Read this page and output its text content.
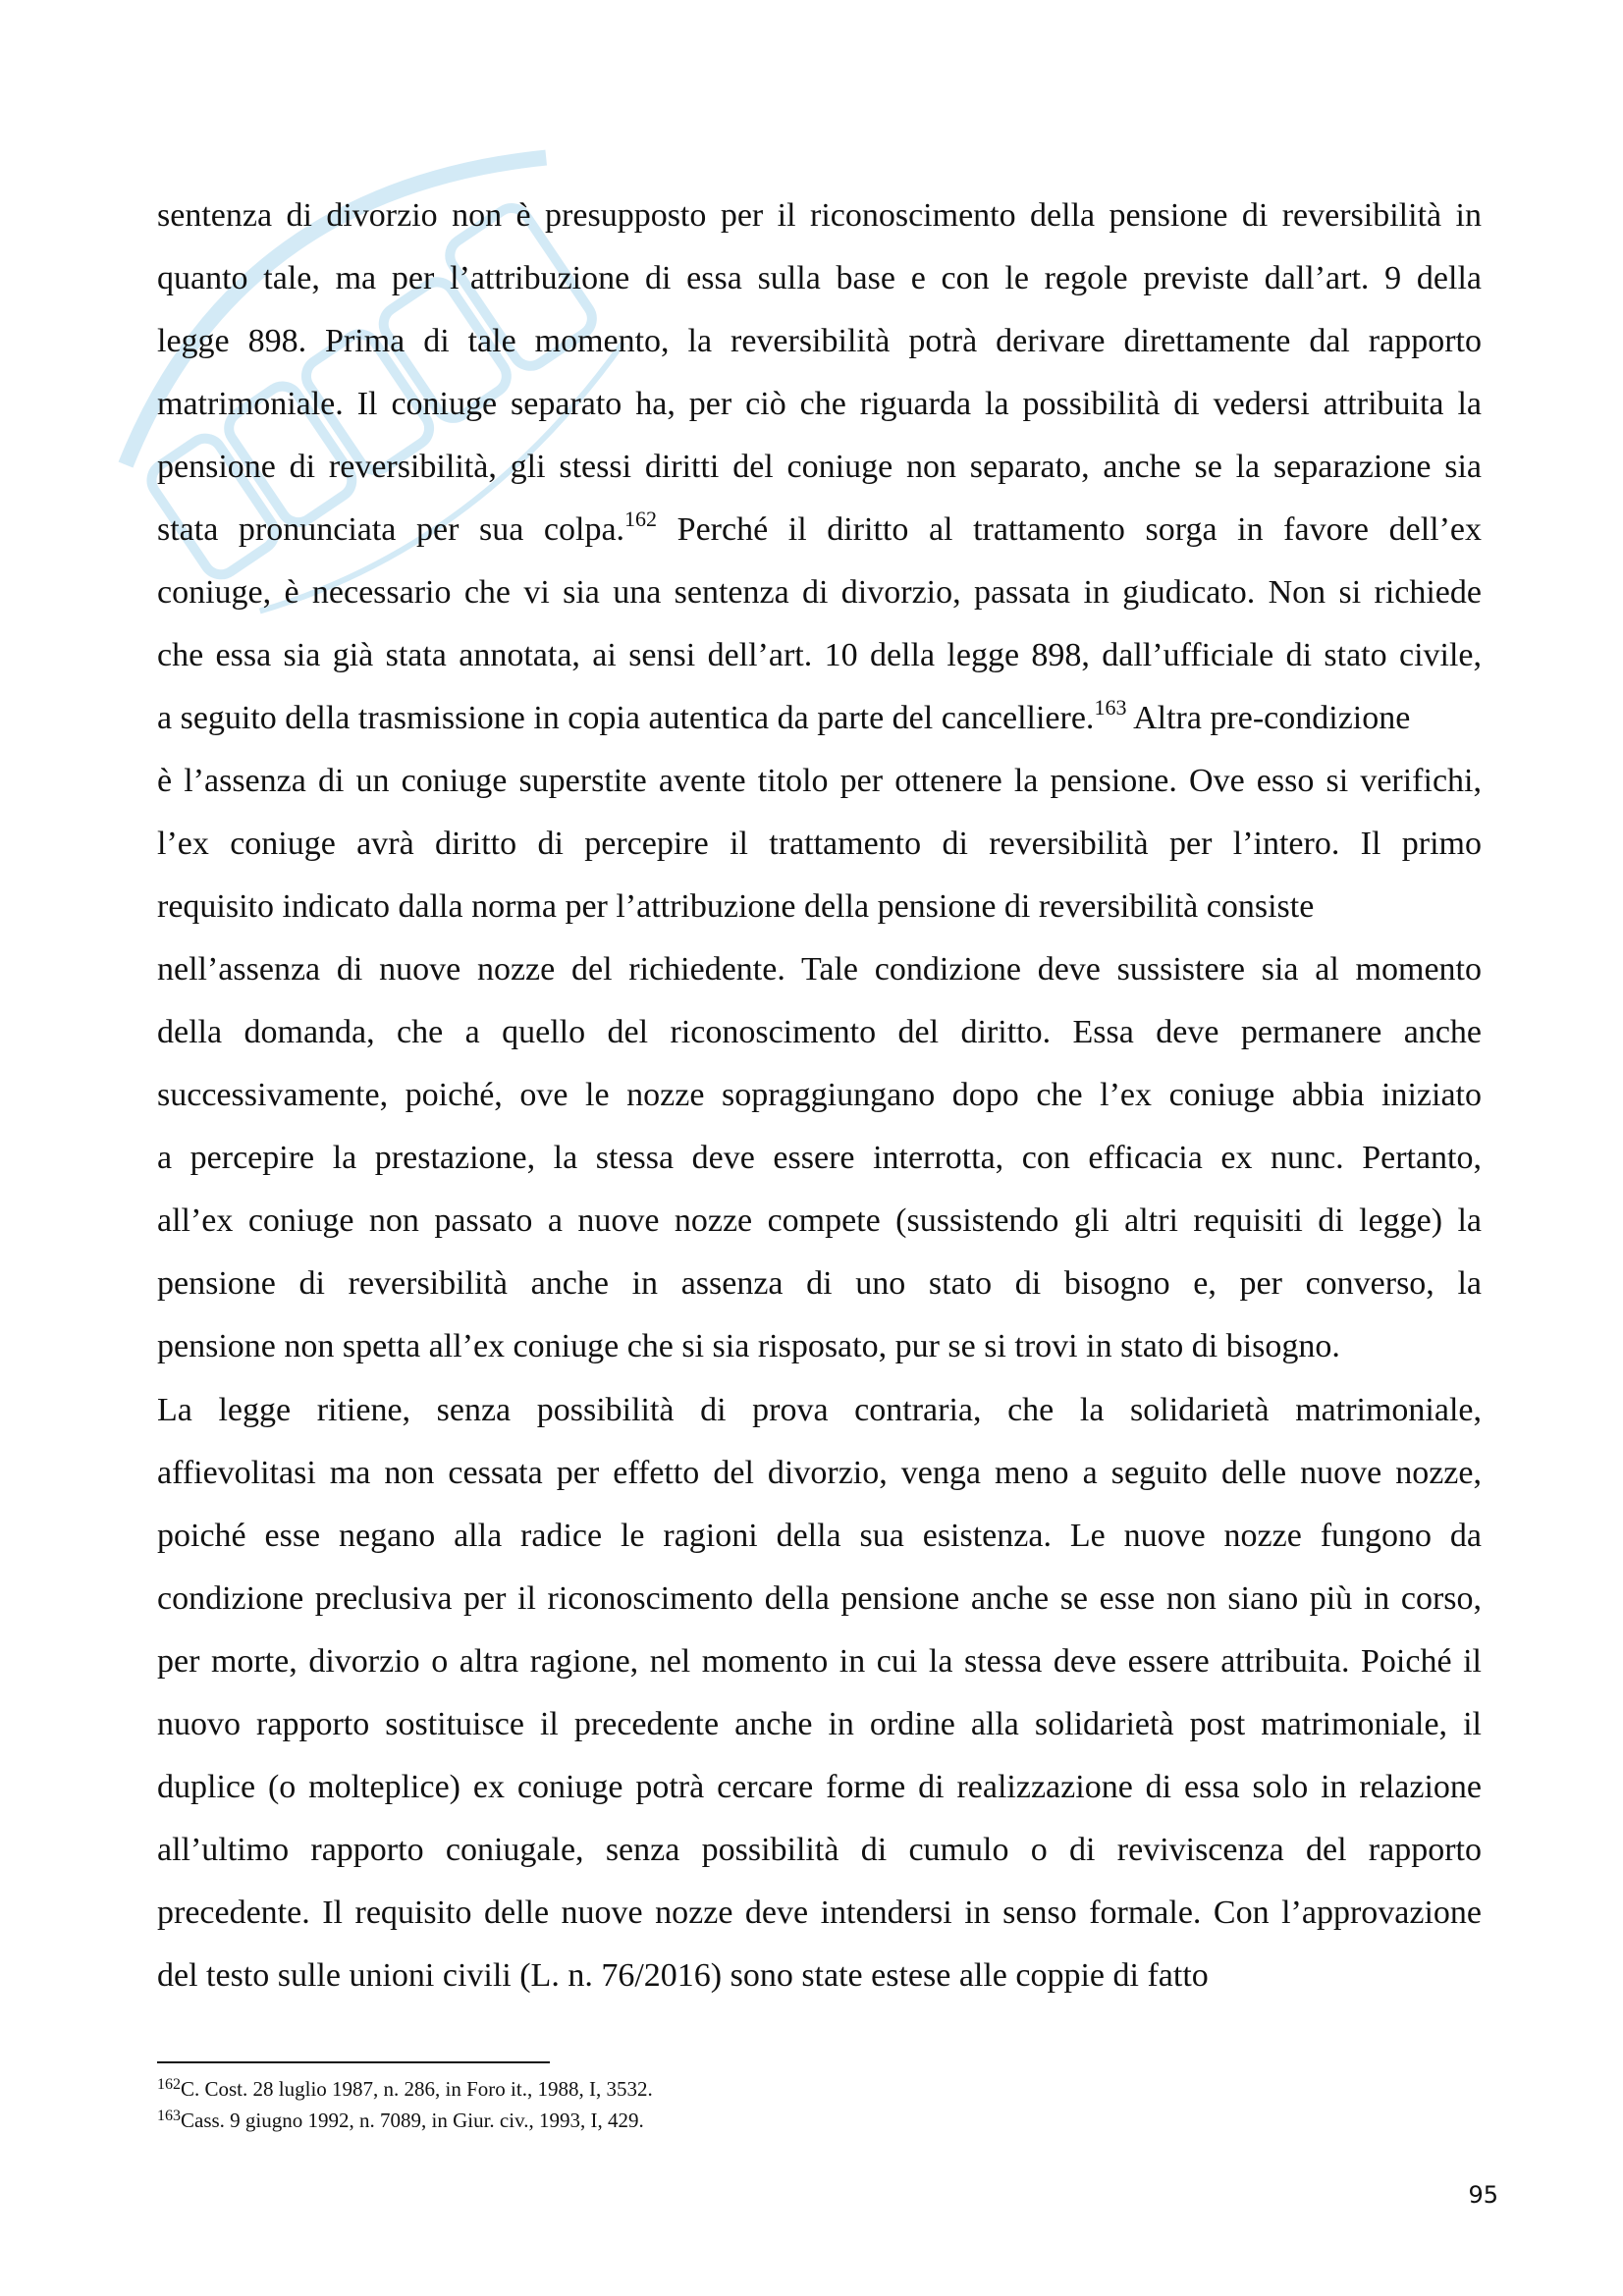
sentenza di divorzio non è presupposto per il riconoscimento della pensione di reversibilità in
quanto tale, ma per l’attribuzione di essa sulla base e con le regole previste dall’art. 9 della
legge 898. Prima di tale momento, la reversibilità potrà derivare direttamente dal rapporto
matrimoniale. Il coniuge separato ha, per ciò che riguarda la possibilità di vedersi attribuita la
pensione di reversibilità, gli stessi diritti del coniuge non separato, anche se la separazione sia
stata pronunciata per sua colpa.$^{162}$ Perché il diritto al trattamento sorga in favore dell’ex
coniuge, è necessario che vi sia una sentenza di divorzio, passata in giudicato. Non si richiede
che essa sia già stata annotata, ai sensi dell’art. 10 della legge 898, dall’ufficiale di stato civile,
a seguito della trasmissione in copia autentica da parte del cancelliere.$^{163}$ Altra pre-condizione
è l’assenza di un coniuge superstite avente titolo per ottenere la pensione. Ove esso si verifichi,
l’ex coniuge avrà diritto di percepire il trattamento di reversibilità per l’intero. Il primo
requisito indicato dalla norma per l’attribuzione della pensione di reversibilità consiste
nell’assenza di nuove nozze del richiedente. Tale condizione deve sussistere sia al momento
della domanda, che a quello del riconoscimento del diritto. Essa deve permanere anche
successivamente, poiché, ove le nozze sopraggiungano dopo che l’ex coniuge abbia iniziato
a percepire la prestazione, la stessa deve essere interrotta, con efficacia ex nunc. Pertanto,
all’ex coniuge non passato a nuove nozze compete (sussistendo gli altri requisiti di legge) la
pensione di reversibilità anche in assenza di uno stato di bisogno e, per converso, la
pensione non spetta all’ex coniuge che si sia risposato, pur se si trovi in stato di bisogno.
La legge ritiene, senza possibilità di prova contraria, che la solidarietà matrimoniale,
affievolitasi ma non cessata per effetto del divorzio, venga meno a seguito delle nuove nozze,
poiché esse negano alla radice le ragioni della sua esistenza. Le nuove nozze fungono da
condizione preclusiva per il riconoscimento della pensione anche se esse non siano più in corso,
per morte, divorzio o altra ragione, nel momento in cui la stessa deve essere attribuita. Poiché il
nuovo rapporto sostituisce il precedente anche in ordine alla solidarietà post matrimoniale, il
duplice (o molteplice) ex coniuge potrà cercare forme di realizzazione di essa solo in relazione
all’ultimo rapporto coniugale, senza possibilità di cumulo o di reviviscenza del rapporto
precedente. Il requisito delle nuove nozze deve intendersi in senso formale. Con l’approvazione
del testo sulle unioni civili (L. n. 76/2016) sono state estese alle coppie di fatto
$^{162}$C. Cost. 28 luglio 1987, n. 286, in Foro it., 1988, I, 3532.
$^{163}$Cass. 9 giugno 1992, n. 7089, in Giur. civ., 1993, I, 429.
95
